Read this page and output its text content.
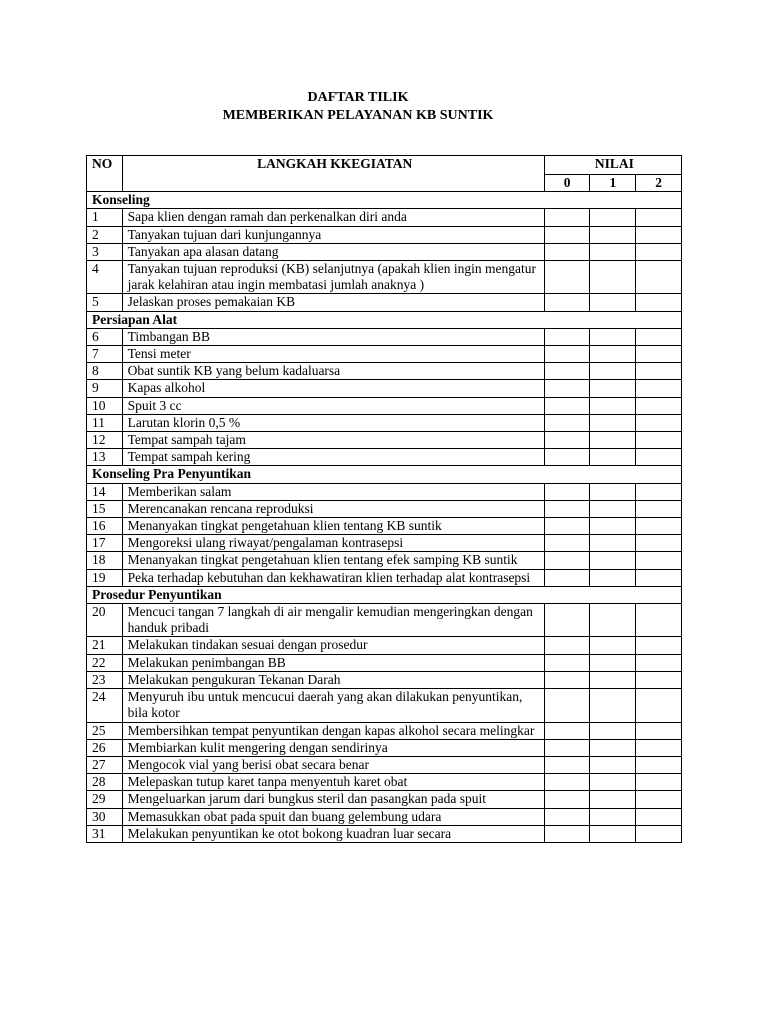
DAFTAR TILIK
MEMBERIKAN PELAYANAN KB SUNTIK
NO	LANGKAH KKEGIATAN	NILAI		
		0	1	2
Konseling				
1	Sapa klien dengan ramah dan perkenalkan diri anda			
2	Tanyakan tujuan dari kunjungannya			
3	Tanyakan apa alasan datang			
4	Tanyakan tujuan reproduksi (KB) selanjutnya (apakah klien ingin mengatur jarak kelahiran atau ingin membatasi jumlah anaknya )			
5	Jelaskan proses pemakaian KB			
Persiapan Alat				
6	Timbangan BB			
7	Tensi meter			
8	Obat suntik KB yang belum kadaluarsa			
9	Kapas alkohol			
10	Spuit 3 cc			
11	Larutan klorin 0,5 %			
12	Tempat sampah tajam			
13	Tempat sampah kering			
Konseling Pra Penyuntikan				
14	Memberikan salam			
15	Merencanakan rencana reproduksi			
16	Menanyakan tingkat pengetahuan klien tentang KB suntik			
17	Mengoreksi ulang riwayat/pengalaman kontrasepsi			
18	Menanyakan tingkat pengetahuan klien tentang efek samping KB suntik			
19	Peka terhadap kebutuhan dan kekhawatiran klien terhadap alat kontrasepsi			
Prosedur Penyuntikan				
20	Mencuci tangan 7 langkah di air mengalir kemudian mengeringkan dengan handuk pribadi			
21	Melakukan tindakan sesuai dengan prosedur			
22	Melakukan penimbangan BB			
23	Melakukan pengukuran Tekanan Darah			
24	Menyuruh ibu untuk mencucui daerah yang akan dilakukan penyuntikan, bila kotor			
25	Membersihkan tempat penyuntikan dengan kapas alkohol secara melingkar			
26	Membiarkan kulit mengering dengan sendirinya			
27	Mengocok vial yang berisi obat secara benar			
28	Melepaskan tutup karet tanpa menyentuh karet obat			
29	Mengeluarkan jarum dari bungkus steril dan pasangkan pada spuit			
30	Memasukkan obat pada spuit dan buang gelembung udara			
31	Melakukan penyuntikan ke otot bokong kuadran luar secara			
